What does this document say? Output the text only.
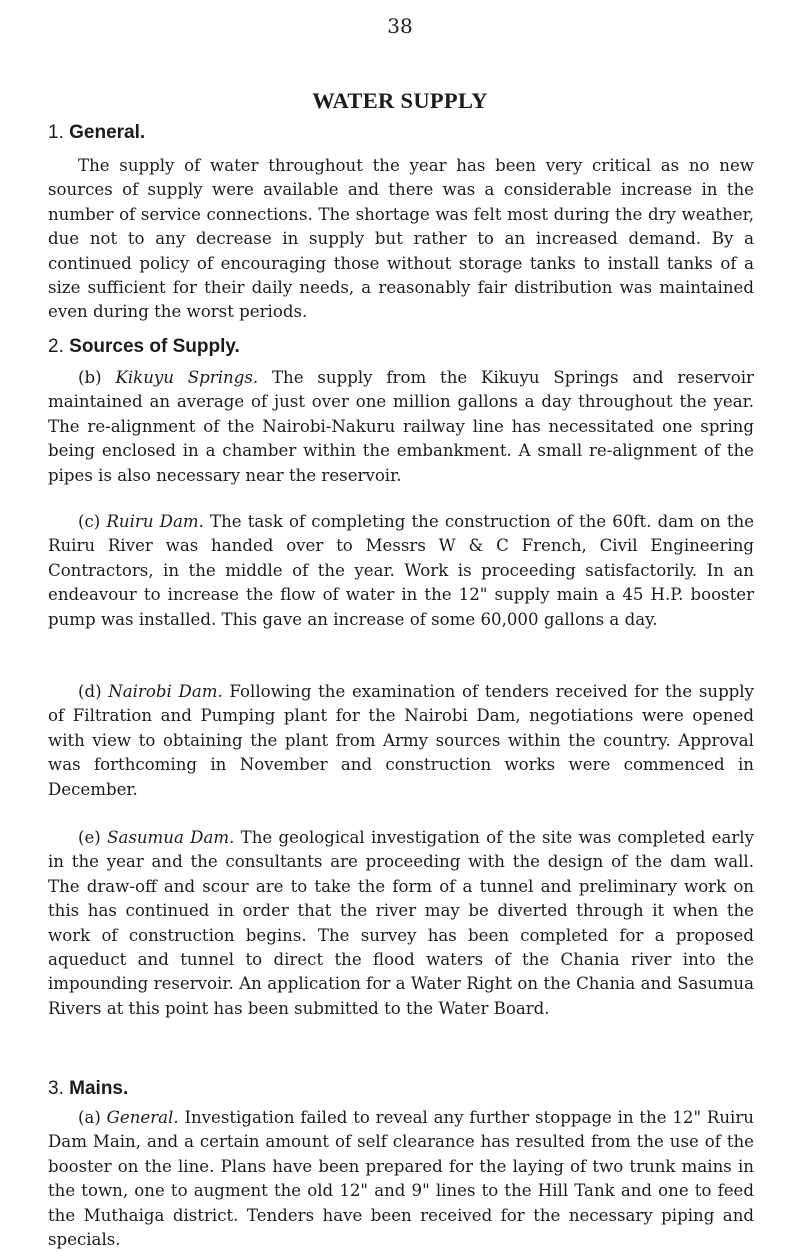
38
WATER SUPPLY
1. General.

The supply of water throughout the year has been very critical as no new sources of supply were available and there was a considerable increase in the number of service connections. The shortage was felt most during the dry weather, due not to any decrease in supply but rather to an increased demand. By a continued policy of encouraging those without storage tanks to install tanks of a size sufficient for their daily needs, a reasonably fair distribution was maintained even during the worst periods.

2. Sources of Supply.

(b) Kikuyu Springs. The supply from the Kikuyu Springs and reservoir maintained an average of just over one million gallons a day throughout the year. The re-alignment of the Nairobi-Nakuru railway line has necessitated one spring being enclosed in a chamber within the embankment. A small re-alignment of the pipes is also necessary near the reservoir.

(c) Ruiru Dam. The task of completing the construction of the 60ft. dam on the Ruiru River was handed over to Messrs W & C French, Civil Engineering Contractors, in the middle of the year. Work is proceeding satisfactorily. In an endeavour to increase the flow of water in the 12" supply main a 45 H.P. booster pump was installed. This gave an increase of some 60,000 gallons a day.

(d) Nairobi Dam. Following the examination of tenders received for the supply of Filtration and Pumping plant for the Nairobi Dam, negotiations were opened with view to obtaining the plant from Army sources within the country. Approval was forthcoming in November and construction works were commenced in December.

(e) Sasumua Dam. The geological investigation of the site was completed early in the year and the consultants are proceeding with the design of the dam wall. The draw-off and scour are to take the form of a tunnel and preliminary work on this has continued in order that the river may be diverted through it when the work of construction begins. The survey has been completed for a proposed aqueduct and tunnel to direct the flood waters of the Chania river into the impounding reservoir. An application for a Water Right on the Chania and Sasumua Rivers at this point has been submitted to the Water Board.

3. Mains.

(a) General. Investigation failed to reveal any further stoppage in the 12" Ruiru Dam Main, and a certain amount of self clearance has resulted from the use of the booster on the line. Plans have been prepared for the laying of two trunk mains in the town, one to augment the old 12" and 9" lines to the Hill Tank and one to feed the Muthaiga district. Tenders have been received for the necessary piping and specials.
